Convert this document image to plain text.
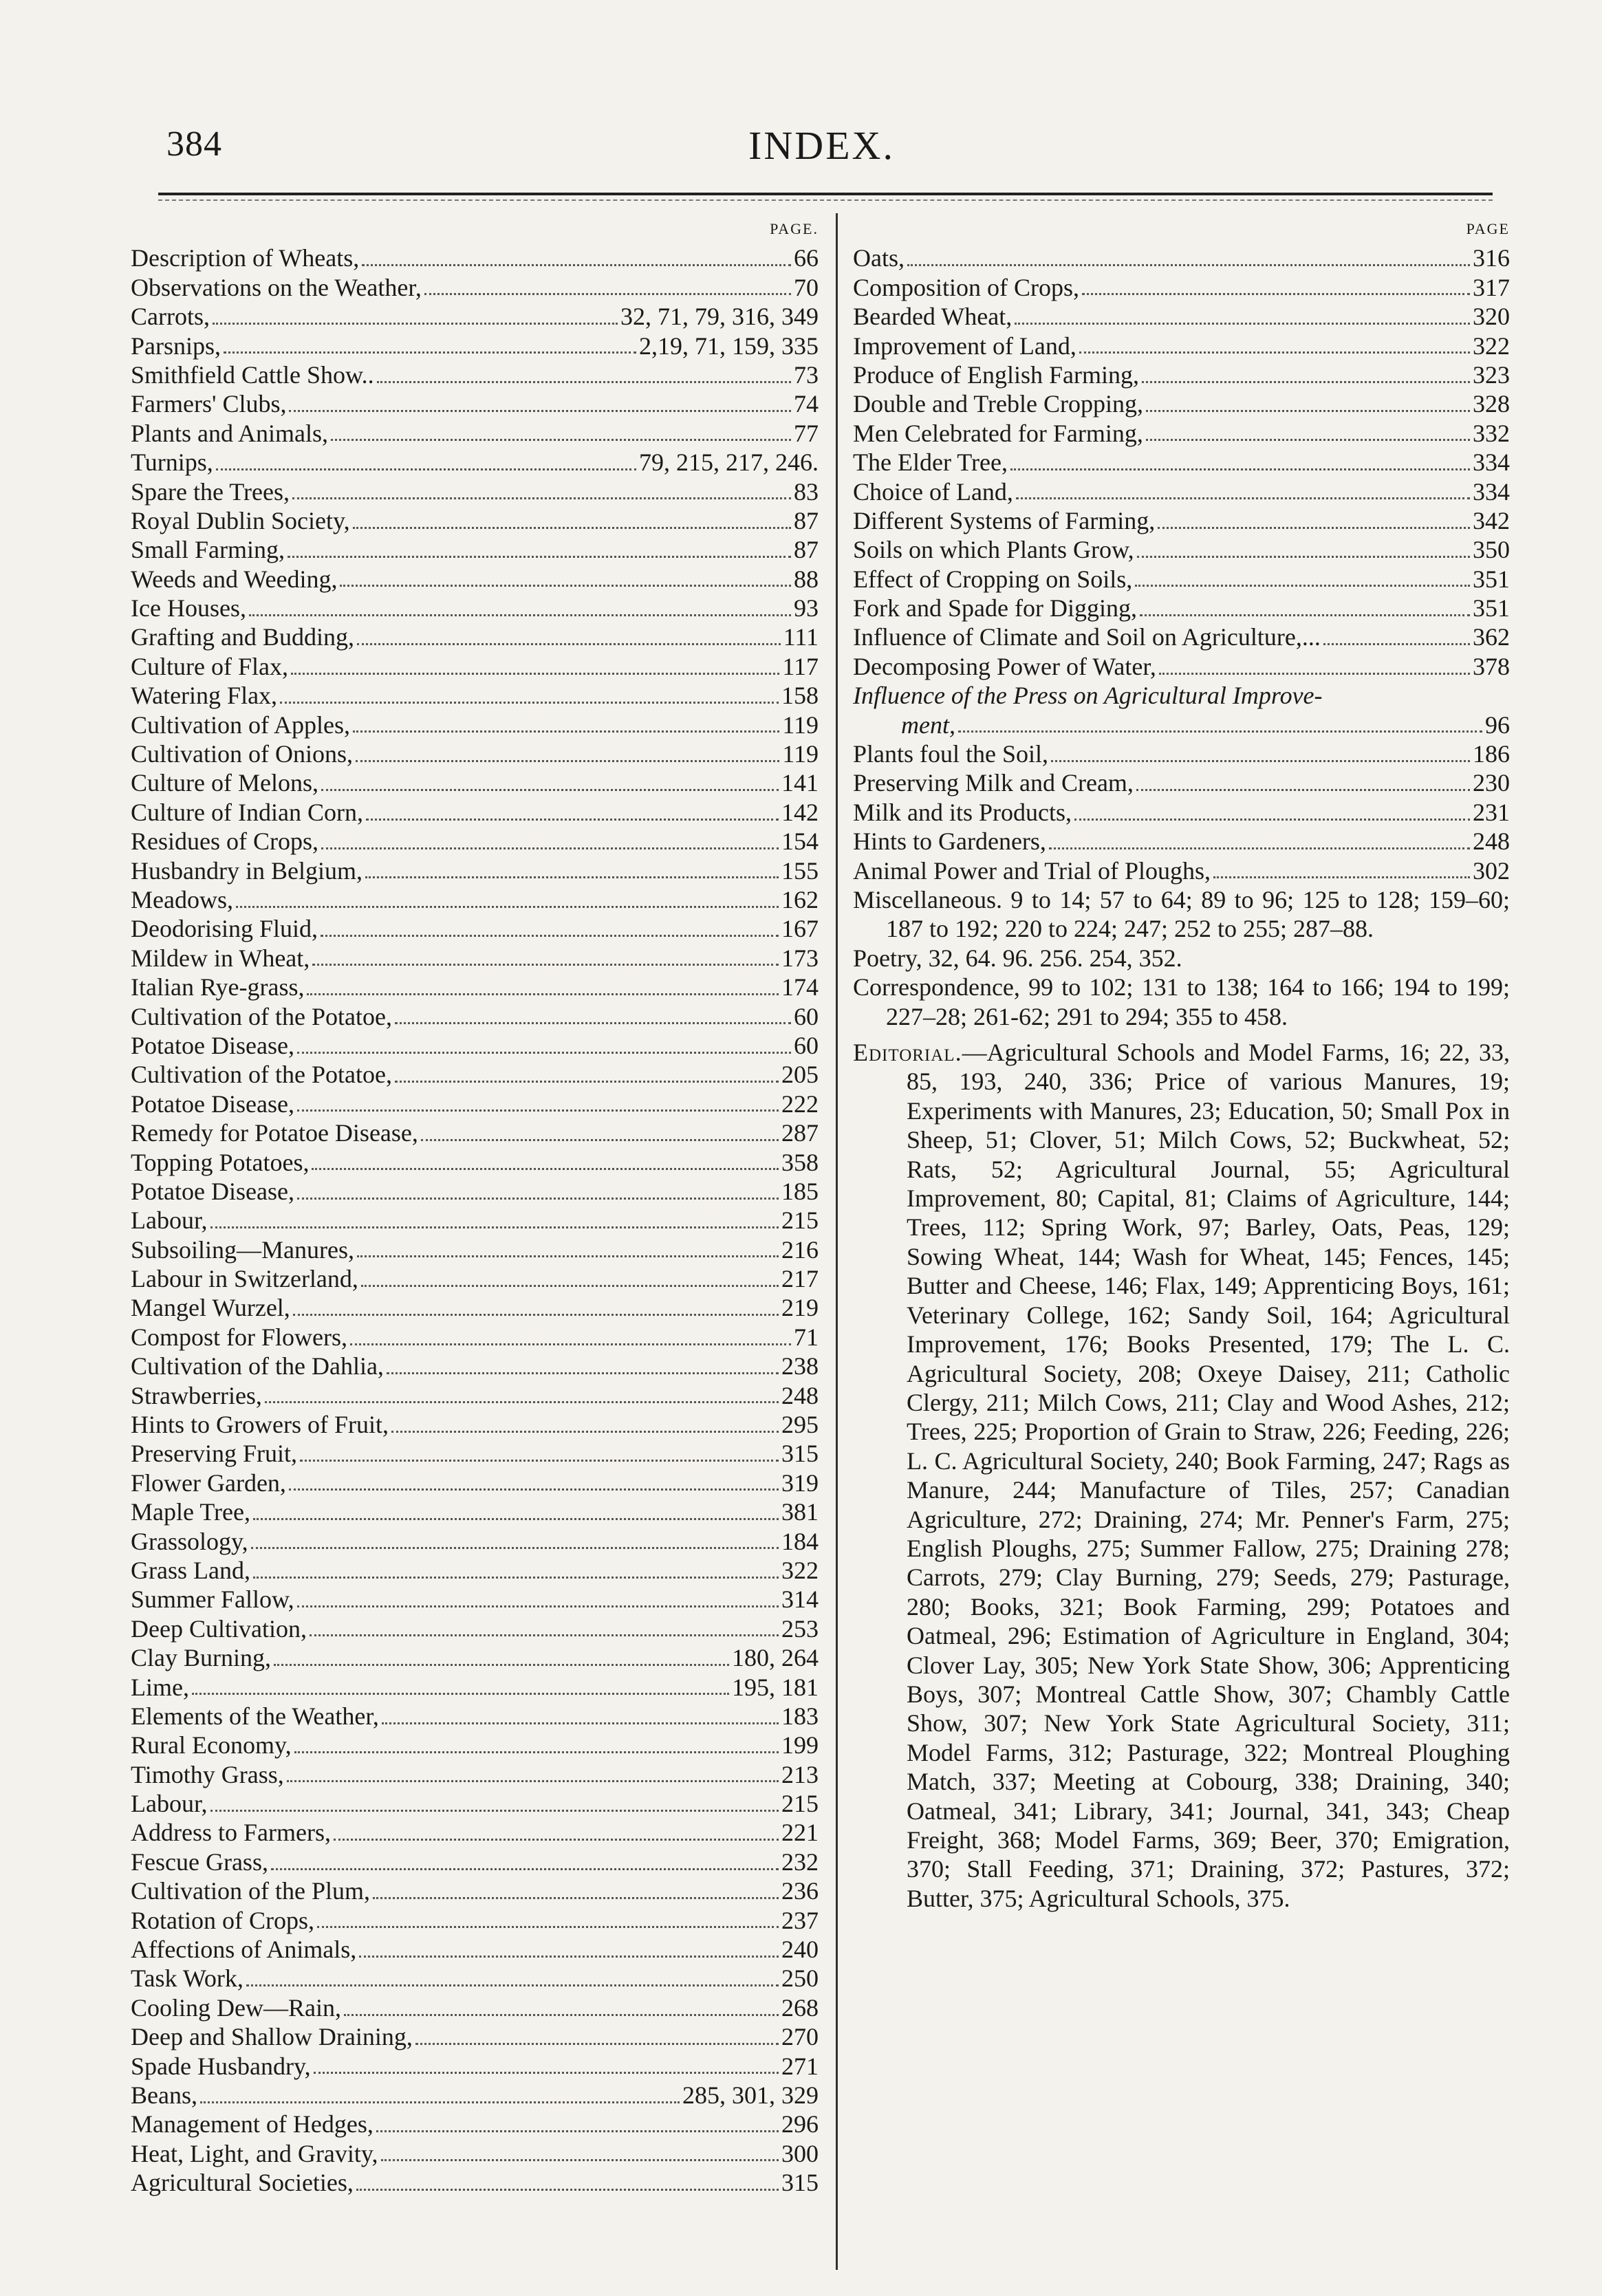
384	INDEX.
PAGE.
Description of Wheats,	66
Observations on the Weather,	70
Carrots,	32, 71, 79, 316, 349
Parsnips,	2,19, 71, 159, 335
Smithfield Cattle Show..	73
Farmers' Clubs,	74
Plants and Animals,	77
Turnips,	79, 215, 217, 246.
Spare the Trees,	83
Royal Dublin Society,	87
Small Farming,	87
Weeds and Weeding,	88
Ice Houses,	93
Grafting and Budding,	111
Culture of Flax,	117
Watering Flax,	158
Cultivation of Apples,	119
Cultivation of Onions,	119
Culture of Melons,	141
Culture of Indian Corn,	142
Residues of Crops,	154
Husbandry in Belgium,	155
Meadows,	162
Deodorising Fluid,	167
Mildew in Wheat,	173
Italian Rye-grass,	174
Cultivation of the Potatoe,	60
Potatoe Disease,	60
Cultivation of the Potatoe,	205
Potatoe Disease,	222
Remedy for Potatoe Disease,	287
Topping Potatoes,	358
Potatoe Disease,	185
Labour,	215
Subsoiling—Manures,	216
Labour in Switzerland,	217
Mangel Wurzel,	219
Compost for Flowers,	71
Cultivation of the Dahlia,	238
Strawberries,	248
Hints to Growers of Fruit,	295
Preserving Fruit,	315
Flower Garden,	319
Maple Tree,	381
Grassology,	184
Grass Land,	322
Summer Fallow,	314
Deep Cultivation,	253
Clay Burning,	180, 264
Lime,	195, 181
Elements of the Weather,	183
Rural Economy,	199
Timothy Grass,	213
Labour,	215
Address to Farmers,	221
Fescue Grass,	232
Cultivation of the Plum,	236
Rotation of Crops,	237
Affections of Animals,	240
Task Work,	250
Cooling Dew—Rain,	268
Deep and Shallow Draining,	270
Spade Husbandry,	271
Beans,	285, 301, 329
Management of Hedges,	296
Heat, Light, and Gravity,	300
Agricultural Societies,	315
PAGE
Oats,	316
Composition of Crops,	317
Bearded Wheat,	320
Improvement of Land,	322
Produce of English Farming,	323
Double and Treble Cropping,	328
Men Celebrated for Farming,	332
The Elder Tree,	334
Choice of Land,	334
Different Systems of Farming,	342
Soils on which Plants Grow,	350
Effect of Cropping on Soils,	351
Fork and Spade for Digging,	351
Influence of Climate and Soil on Agriculture,...	362
Decomposing Power of Water,	378
Influence of the Press on Agricultural Improve-
ment,	96
Plants foul the Soil,	186
Preserving Milk and Cream,	230
Milk and its Products,	231
Hints to Gardeners,	248
Animal Power and Trial of Ploughs,	302
Miscellaneous. 9 to 14; 57 to 64; 89 to 96; 125 to 128; 159–60; 187 to 192; 220 to 224; 247; 252 to 255; 287–88.
Poetry, 32, 64. 96. 256. 254, 352.
Correspondence, 99 to 102; 131 to 138; 164 to 166; 194 to 199; 227–28; 261-62; 291 to 294; 355 to 458.
Editorial.—Agricultural Schools and Model Farms, 16; 22, 33, 85, 193, 240, 336; Price of various Manures, 19; Experiments with Manures, 23; Education, 50; Small Pox in Sheep, 51; Clover, 51; Milch Cows, 52; Buckwheat, 52; Rats, 52; Agricultural Journal, 55; Agricultural Improvement, 80; Capital, 81; Claims of Agriculture, 144; Trees, 112; Spring Work, 97; Barley, Oats, Peas, 129; Sowing Wheat, 144; Wash for Wheat, 145; Fences, 145; Butter and Cheese, 146; Flax, 149; Apprenticing Boys, 161; Veterinary College, 162; Sandy Soil, 164; Agricultural Improvement, 176; Books Presented, 179; The L. C. Agricultural Society, 208; Oxeye Daisey, 211; Catholic Clergy, 211; Milch Cows, 211; Clay and Wood Ashes, 212; Trees, 225; Proportion of Grain to Straw, 226; Feeding, 226; L. C. Agricultural Society, 240; Book Farming, 247; Rags as Manure, 244; Manufacture of Tiles, 257; Canadian Agriculture, 272; Draining, 274; Mr. Penner's Farm, 275; English Ploughs, 275; Summer Fallow, 275; Draining 278; Carrots, 279; Clay Burning, 279; Seeds, 279; Pasturage, 280; Books, 321; Book Farming, 299; Potatoes and Oatmeal, 296; Estimation of Agriculture in England, 304; Clover Lay, 305; New York State Show, 306; Apprenticing Boys, 307; Montreal Cattle Show, 307; Chambly Cattle Show, 307; New York State Agricultural Society, 311; Model Farms, 312; Pasturage, 322; Montreal Ploughing Match, 337; Meeting at Cobourg, 338; Draining, 340; Oatmeal, 341; Library, 341; Journal, 341, 343; Cheap Freight, 368; Model Farms, 369; Beer, 370; Emigration, 370; Stall Feeding, 371; Draining, 372; Pastures, 372; Butter, 375; Agricultural Schools, 375.
